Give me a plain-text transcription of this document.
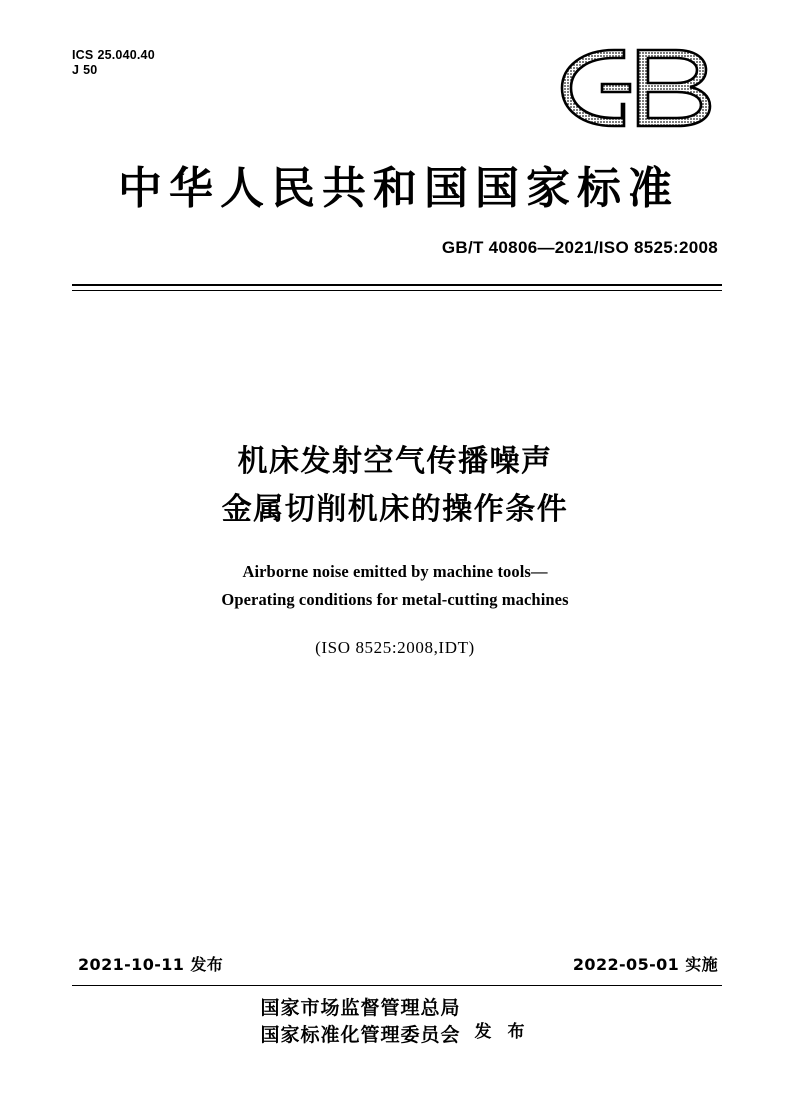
ICS 25.040.40
J 50
中华人民共和国国家标准
GB/T 40806—2021/ISO 8525:2008
机床发射空气传播噪声
金属切削机床的操作条件
Airborne noise emitted by machine tools—
Operating conditions for metal-cutting machines
(ISO 8525:2008,IDT)
2021-10-11 发布	2022-05-01 实施
国家市场监督管理总局
国家标准化管理委员会 发 布
